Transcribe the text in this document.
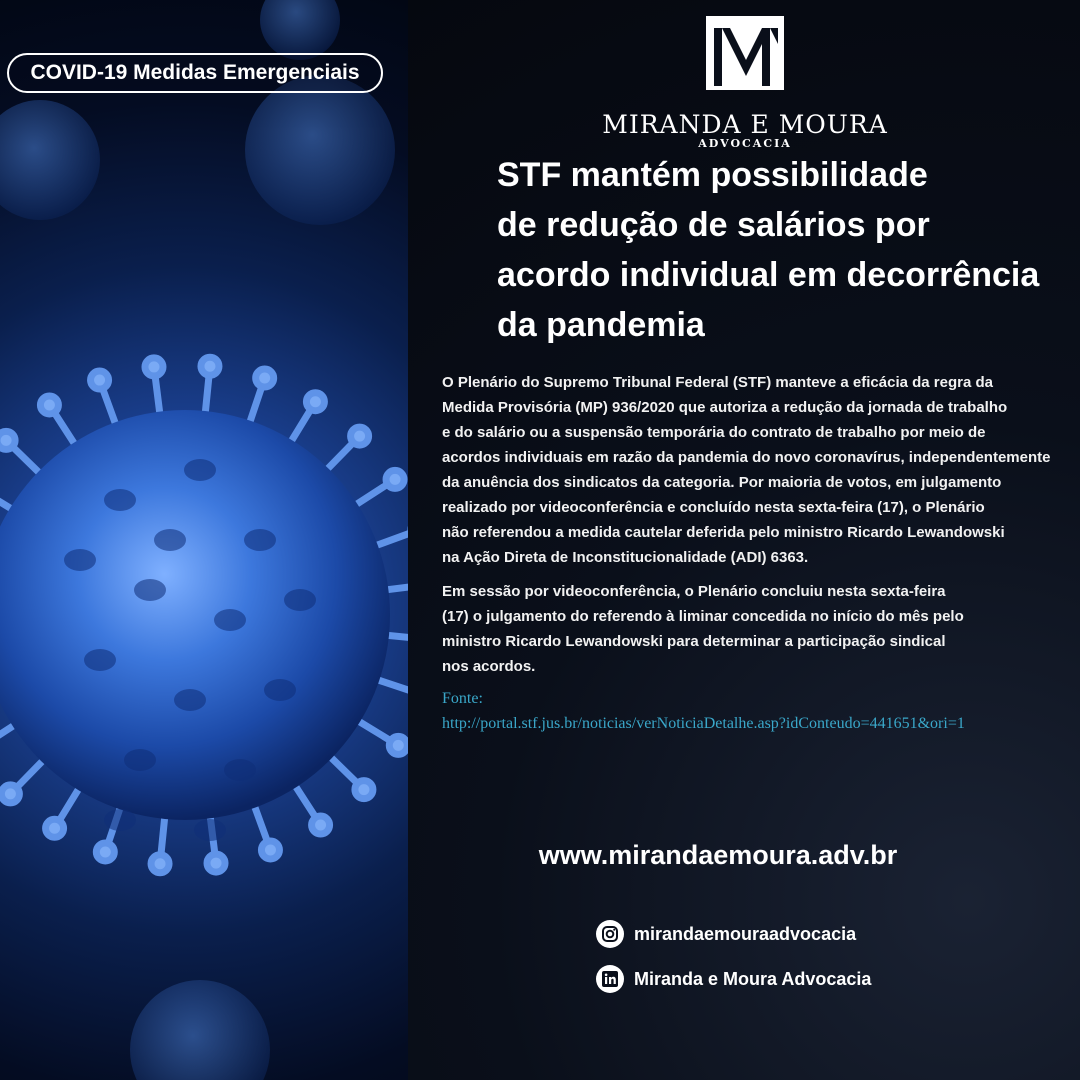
COVID-19 Medidas Emergenciais
MIRANDA E MOURA
ADVOCACIA
STF mantém possibilidade
de redução de salários por
acordo individual em decorrência
da pandemia
O Plenário do Supremo Tribunal Federal (STF) manteve a eficácia da regra da
Medida Provisória (MP) 936/2020 que autoriza a redução da jornada de trabalho
e do salário ou a suspensão temporária do contrato de trabalho por meio de
acordos individuais em razão da pandemia do novo coronavírus, independentemente
da anuência dos sindicatos da categoria. Por maioria de votos, em julgamento
realizado por videoconferência e concluído nesta sexta-feira (17), o Plenário
não referendou a medida cautelar deferida pelo ministro Ricardo Lewandowski
na Ação Direta de Inconstitucionalidade (ADI) 6363.
Em sessão por videoconferência, o Plenário concluiu nesta sexta-feira
(17) o julgamento do referendo à liminar concedida no início do mês pelo
ministro Ricardo Lewandowski para determinar a participação sindical
nos acordos.
Fonte:
http://portal.stf.jus.br/noticias/verNoticiaDetalhe.asp?idConteudo=441651&ori=1
www.mirandaemoura.adv.br
mirandaemouraadvocacia
Miranda e Moura Advocacia
